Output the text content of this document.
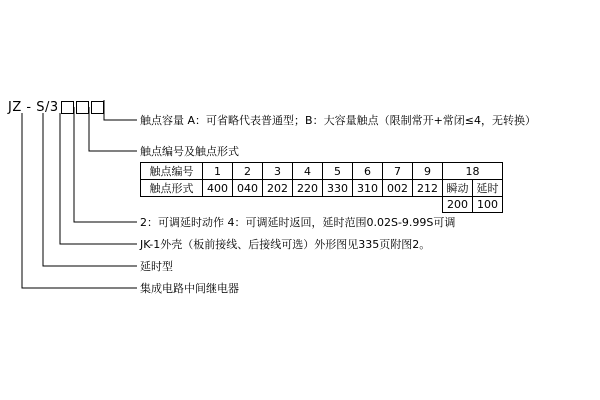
JZ - S/3
触点容量 A：可省略代表普通型；B：大容量触点（限制常开+常闭≤4，无转换）
触点编号及触点形式
2：可调延时动作 4：可调延时返回，延时范围0.02S-9.99S可调
JK-1外壳（板前接线、后接线可选）外形图见335页附图2。
延时型
集成电路中间继电器
触点编号	1	2	3	4	5	6	7	9	18	
触点形式	400	040	202	220	330	310	002	212	瞬动	延时
									200	100
